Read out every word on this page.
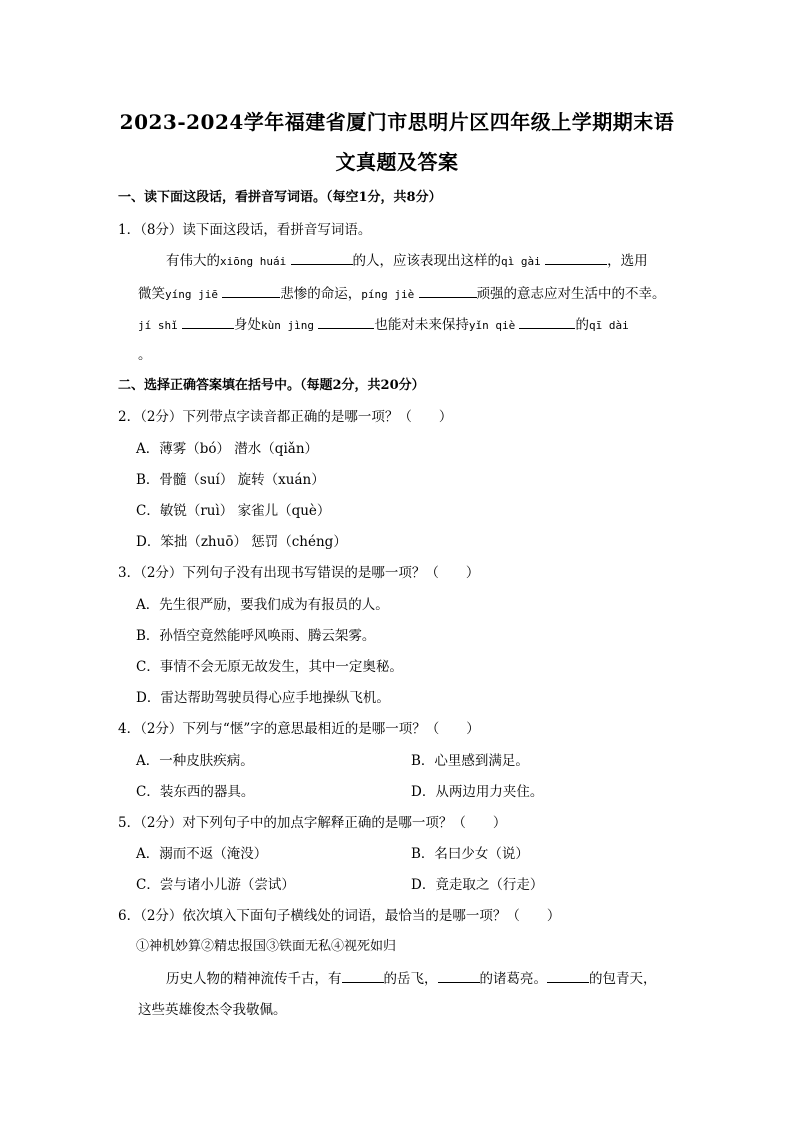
2023-2024学年福建省厦门市思明片区四年级上学期期末语
文真题及答案
一、读下面这段话，看拼音写词语。（每空1分，共8分）
1．（8分）读下面这段话，看拼音写词语。
有伟大的xiōng huái	的人，应该表现出这样的qì gài	，选用
微笑yíng jiē	悲惨的命运，píng jiè	顽强的意志应对生活中的不幸。
jí shǐ	身处kùn jìng	也能对未来保持yǐn qiè	的qī dài
。
二、选择正确答案填在括号中。（每题2分，共20分）
2．（2分）下列带点字读音都正确的是哪一项？（　　）
A．薄雾（bó） 潜水（qiǎn）
B．骨髓（suí） 旋转（xuán）
C．敏锐（ruì） 家雀儿（què）
D．笨拙（zhuō） 惩罚（chéng）
3．（2分）下列句子没有出现书写错误的是哪一项？（　　）
A．先生很严励，要我们成为有报员的人。
B．孙悟空竟然能呼风唤雨、腾云架雾。
C．事情不会无原无故发生，其中一定奥秘。
D．雷达帮助驾驶员得心应手地操纵飞机。
4．（2分）下列与“惬”字的意思最相近的是哪一项？（　　）
A．一种皮肤疾病。	B．心里感到满足。
C．装东西的器具。	D．从两边用力夹住。
5．（2分）对下列句子中的加点字解释正确的是哪一项？（　　）
A．溺而不返（淹没）	B．名曰少女（说）
C．尝与诸小儿游（尝试）	D．竟走取之（行走）
6．（2分）依次填入下面句子横线处的词语，最恰当的是哪一项？（　　）
①神机妙算②精忠报国③铁面无私④视死如归
历史人物的精神流传千古，有	的岳飞，	的诸葛亮。	的包青天，
这些英雄俊杰令我敬佩。
